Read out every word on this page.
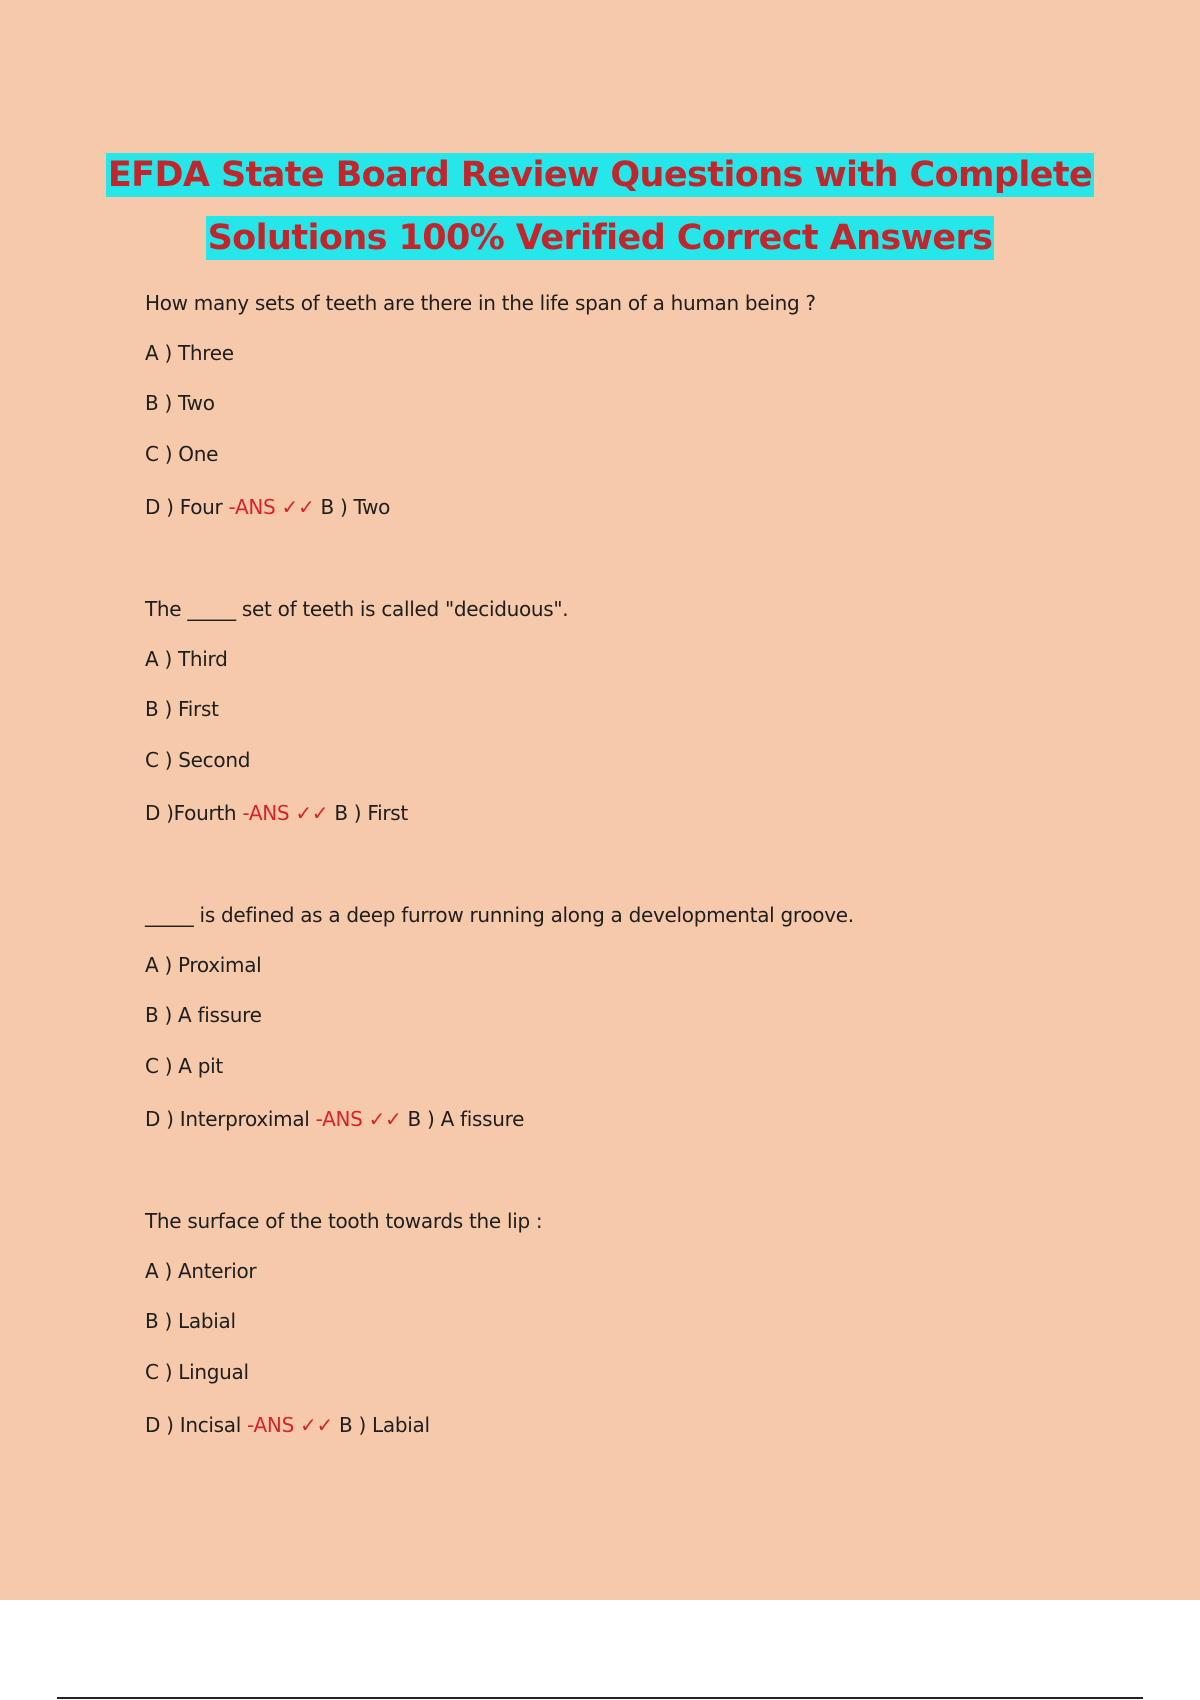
EFDA State Board Review Questions with Complete
Solutions 100% Verified Correct Answers
How many sets of teeth are there in the life span of a human being ?
A ) Three
B ) Two
C ) One
D ) Four -ANS ✓✓ B ) Two
The _____ set of teeth is called "deciduous".
A ) Third
B ) First
C ) Second
D )Fourth -ANS ✓✓ B ) First
_____ is defined as a deep furrow running along a developmental groove.
A ) Proximal
B ) A fissure
C ) A pit
D ) Interproximal -ANS ✓✓ B ) A fissure
The surface of the tooth towards the lip :
A ) Anterior
B ) Labial
C ) Lingual
D ) Incisal -ANS ✓✓ B ) Labial
